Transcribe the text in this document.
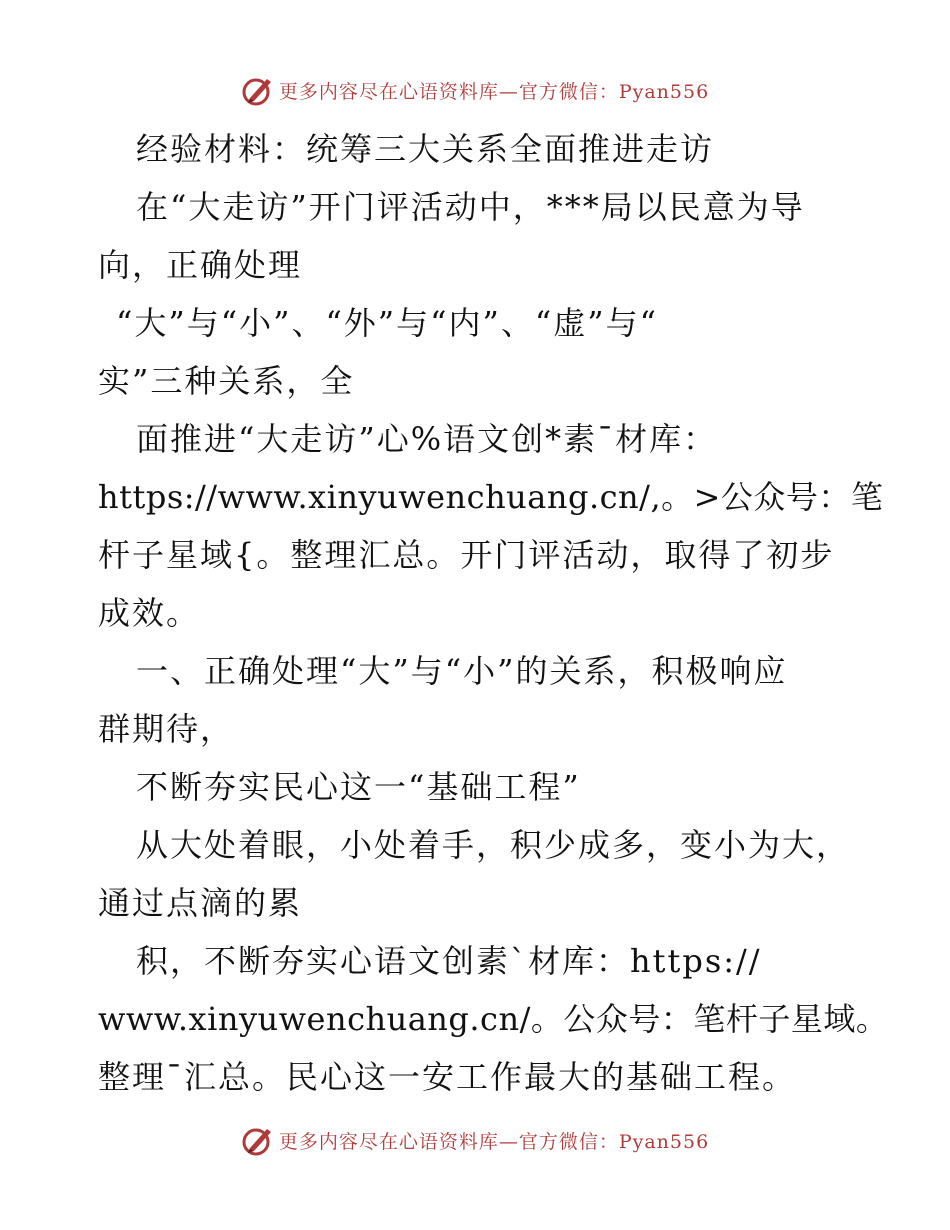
更多内容尽在心语资料库—官方微信：Pyan556
经验材料：统筹三大关系全面推进走访
在“大走访”开门评活动中，***局以民意为导
向，正确处理
“大”与“小”、“外”与“内”、“虚”与“
实”三种关系，全
面推进“大走访”心%语文创*素¯材库：
https://www.xinyuwenchuang.cn/,。>公众号：笔
杆子星域{。整理汇总。开门评活动，取得了初步
成效。
一、正确处理“大”与“小”的关系，积极响应
群期待，
不断夯实民心这一“基础工程”
从大处着眼，小处着手，积少成多，变小为大，
通过点滴的累
积，不断夯实心语文创素`材库：https://
www.xinyuwenchuang.cn/。公众号：笔杆子星域。
整理¯汇总。民心这一安工作最大的基础工程。
更多内容尽在心语资料库—官方微信：Pyan556
